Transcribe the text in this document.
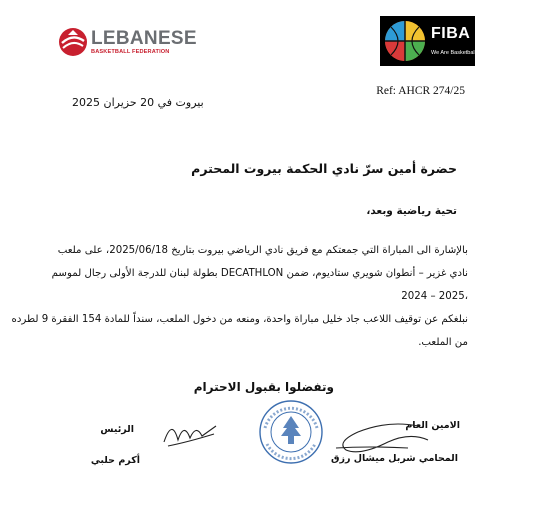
LEBANESE
BASKETBALL FEDERATION
FIBA
We Are Basketball
Ref: AHCR 274/25
بيروت في 20 حزيران 2025
حضرة أمين سرّ نادي الحكمة بيروت المحترم
تحية رياضية وبعد،
بالإشارة الى المباراة التي جمعتكم مع فريق نادي الرياضي بيروت بتاريخ 2025/06/18، على ملعب
نادي غزير – أنطوان شويري ستاديوم، ضمن DECATHLON بطولة لبنان للدرجة الأولى رجال لموسم
2024 – 2025،
نبلغكم عن توقيف اللاعب جاد خليل مباراة واحدة، ومنعه من دخول الملعب، سنداً للمادة 154 الفقرة 9 لطرده
من الملعب.
وتفضلوا بقبول الاحترام
الامين العام
المحامي شربل ميشال رزق
الرئيس
أكرم حلبي
